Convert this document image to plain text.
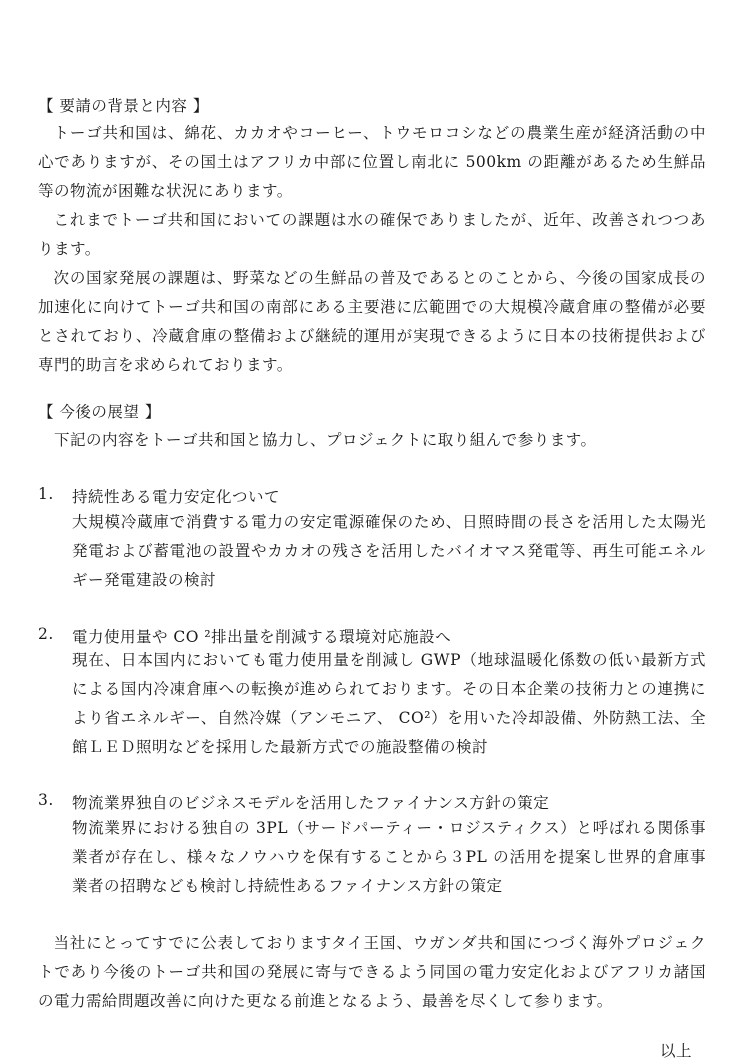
【 要請の背景と内容 】
トーゴ共和国は、綿花、カカオやコーヒー、トウモロコシなどの農業生産が経済活動の中心でありますが、その国土はアフリカ中部に位置し南北に 500km の距離があるため生鮮品等の物流が困難な状況にあります。
これまでトーゴ共和国においての課題は水の確保でありましたが、近年、改善されつつあります。
次の国家発展の課題は、野菜などの生鮮品の普及であるとのことから、今後の国家成長の加速化に向けてトーゴ共和国の南部にある主要港に広範囲での大規模冷蔵倉庫の整備が必要とされており、冷蔵倉庫の整備および継続的運用が実現できるように日本の技術提供および専門的助言を求められております。
【 今後の展望 】
下記の内容をトーゴ共和国と協力し、プロジェクトに取り組んで参ります。
1. 持続性ある電力安定化ついて
大規模冷蔵庫で消費する電力の安定電源確保のため、日照時間の長さを活用した太陽光発電および蓄電池の設置やカカオの残さを活用したバイオマス発電等、再生可能エネルギー発電建設の検討
2. 電力使用量や CO ²排出量を削減する環境対応施設へ
現在、日本国内においても電力使用量を削減し GWP（地球温暖化係数の低い最新方式による国内冷凍倉庫への転換が進められております。その日本企業の技術力との連携により省エネルギー、自然冷媒（アンモニア、 CO²）を用いた冷却設備、外防熱工法、全館ＬＥＤ照明などを採用した最新方式での施設整備の検討
3. 物流業界独自のビジネスモデルを活用したファイナンス方針の策定
物流業界における独自の 3PL（サードパーティー・ロジスティクス）と呼ばれる関係事業者が存在し、様々なノウハウを保有することから３PL の活用を提案し世界的倉庫事業者の招聘なども検討し持続性あるファイナンス方針の策定
当社にとってすでに公表しておりますタイ王国、ウガンダ共和国につづく海外プロジェクトであり今後のトーゴ共和国の発展に寄与できるよう同国の電力安定化およびアフリカ諸国の電力需給問題改善に向けた更なる前進となるよう、最善を尽くして参ります。
以上
